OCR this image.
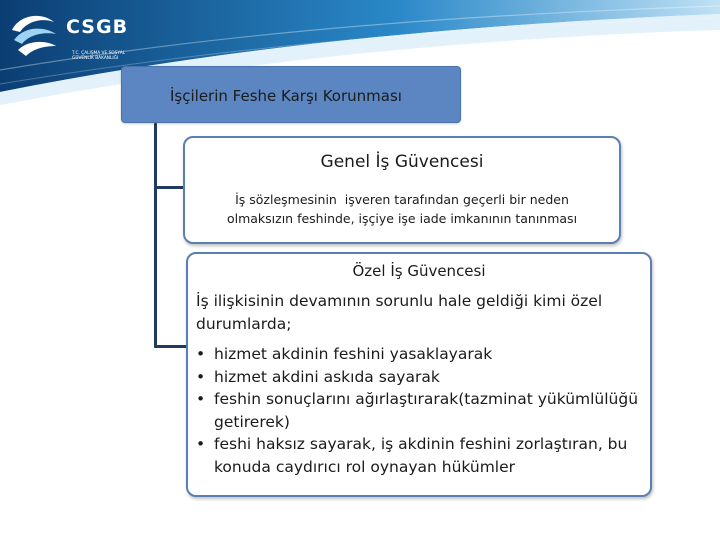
CSGB
T.C. ÇALIŞMA VE SOSYAL GÜVENLİK BAKANLIĞI
İşçilerin Feshe Karşı Korunması
Genel İş Güvencesi
İş sözleşmesinin  işveren tarafından geçerli bir neden
olmaksızın feshinde, işçiye işe iade imkanının tanınması
Özel İş Güvencesi
İş ilişkisinin devamının sorunlu hale geldiği kimi özel durumlarda;
• hizmet akdinin feshini yasaklayarak
• hizmet akdini askıda sayarak
• feshin sonuçlarını ağırlaştırarak(tazminat yükümlülüğü getirerek)
• feshi haksız sayarak, iş akdinin feshini zorlaştıran, bu konuda caydırıcı rol oynayan hükümler
